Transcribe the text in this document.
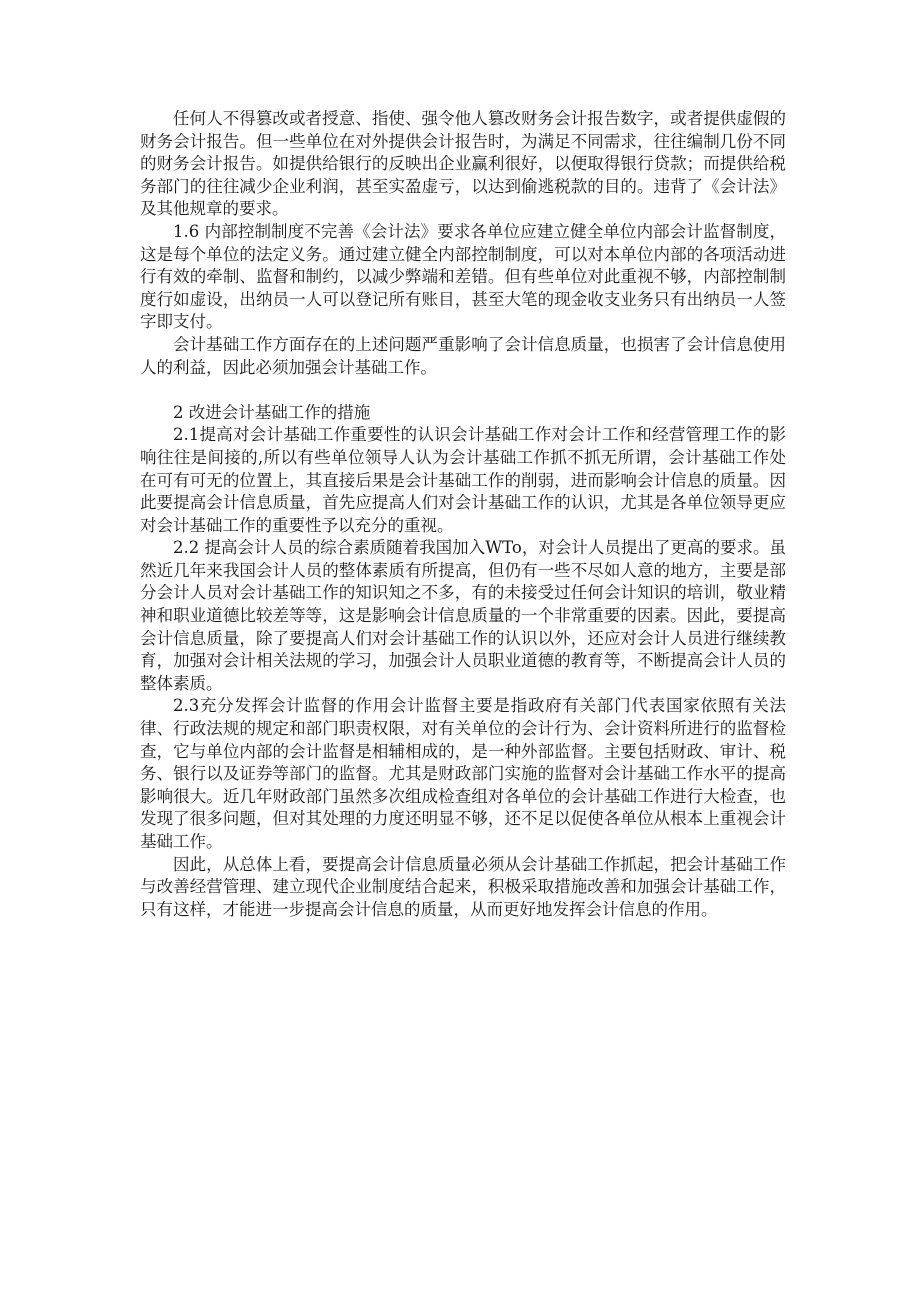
任何人不得篡改或者授意、指使、强令他人篡改财务会计报告数字，或者提供虚假的财务会计报告。但一些单位在对外提供会计报告时，为满足不同需求，往往编制几份不同的财务会计报告。如提供给银行的反映出企业赢利很好，以便取得银行贷款；而提供给税务部门的往往减少企业利润，甚至实盈虚亏，以达到偷逃税款的目的。违背了《会计法》及其他规章的要求。

1.6 内部控制制度不完善《会计法》要求各单位应建立健全单位内部会计监督制度，这是每个单位的法定义务。通过建立健全内部控制制度，可以对本单位内部的各项活动进行有效的牵制、监督和制约，以减少弊端和差错。但有些单位对此重视不够，内部控制制度行如虚设，出纳员一人可以登记所有账目，甚至大笔的现金收支业务只有出纳员一人签字即支付。

会计基础工作方面存在的上述问题严重影响了会计信息质量，也损害了会计信息使用人的利益，因此必须加强会计基础工作。

2 改进会计基础工作的措施

2.1提高对会计基础工作重要性的认识会计基础工作对会计工作和经营管理工作的影响往往是间接的,所以有些单位领导人认为会计基础工作抓不抓无所谓，会计基础工作处在可有可无的位置上，其直接后果是会计基础工作的削弱，进而影响会计信息的质量。因此要提高会计信息质量，首先应提高人们对会计基础工作的认识，尤其是各单位领导更应对会计基础工作的重要性予以充分的重视。

2.2 提高会计人员的综合素质随着我国加入WTo，对会计人员提出了更高的要求。虽然近几年来我国会计人员的整体素质有所提高，但仍有一些不尽如人意的地方，主要是部分会计人员对会计基础工作的知识知之不多，有的未接受过任何会计知识的培训，敬业精神和职业道德比较差等等，这是影响会计信息质量的一个非常重要的因素。因此，要提高会计信息质量，除了要提高人们对会计基础工作的认识以外，还应对会计人员进行继续教育，加强对会计相关法规的学习，加强会计人员职业道德的教育等，不断提高会计人员的整体素质。

2.3充分发挥会计监督的作用会计监督主要是指政府有关部门代表国家依照有关法律、行政法规的规定和部门职责权限，对有关单位的会计行为、会计资料所进行的监督检查，它与单位内部的会计监督是相辅相成的，是一种外部监督。主要包括财政、审计、税务、银行以及证券等部门的监督。尤其是财政部门实施的监督对会计基础工作水平的提高影响很大。近几年财政部门虽然多次组成检查组对各单位的会计基础工作进行大检查，也发现了很多问题，但对其处理的力度还明显不够，还不足以促使各单位从根本上重视会计基础工作。

因此，从总体上看，要提高会计信息质量必须从会计基础工作抓起，把会计基础工作与改善经营管理、建立现代企业制度结合起来，积极采取措施改善和加强会计基础工作，只有这样，才能进一步提高会计信息的质量，从而更好地发挥会计信息的作用。
